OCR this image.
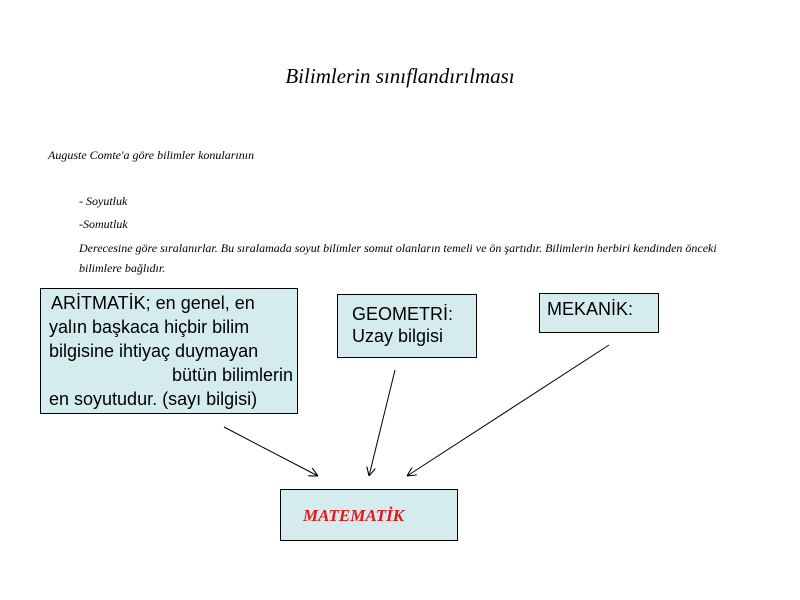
Bilimlerin sınıflandırılması
Auguste Comte'a göre bilimler konularının
- Soyutluk
-Somutluk
Derecesine göre sıralanırlar. Bu sıralamada soyut bilimler somut olanların temeli ve ön şartıdır. Bilimlerin herbiri kendinden önceki bilimlere bağlıdır.
ARİTMATİK; en genel, en
yalın başkaca hiçbir bilim
bilgisine ihtiyaç duymayan
bütün bilimlerin
en soyutudur. (sayı bilgisi)
GEOMETRİ:
Uzay bilgisi
MEKANİK:
MATEMATİK
